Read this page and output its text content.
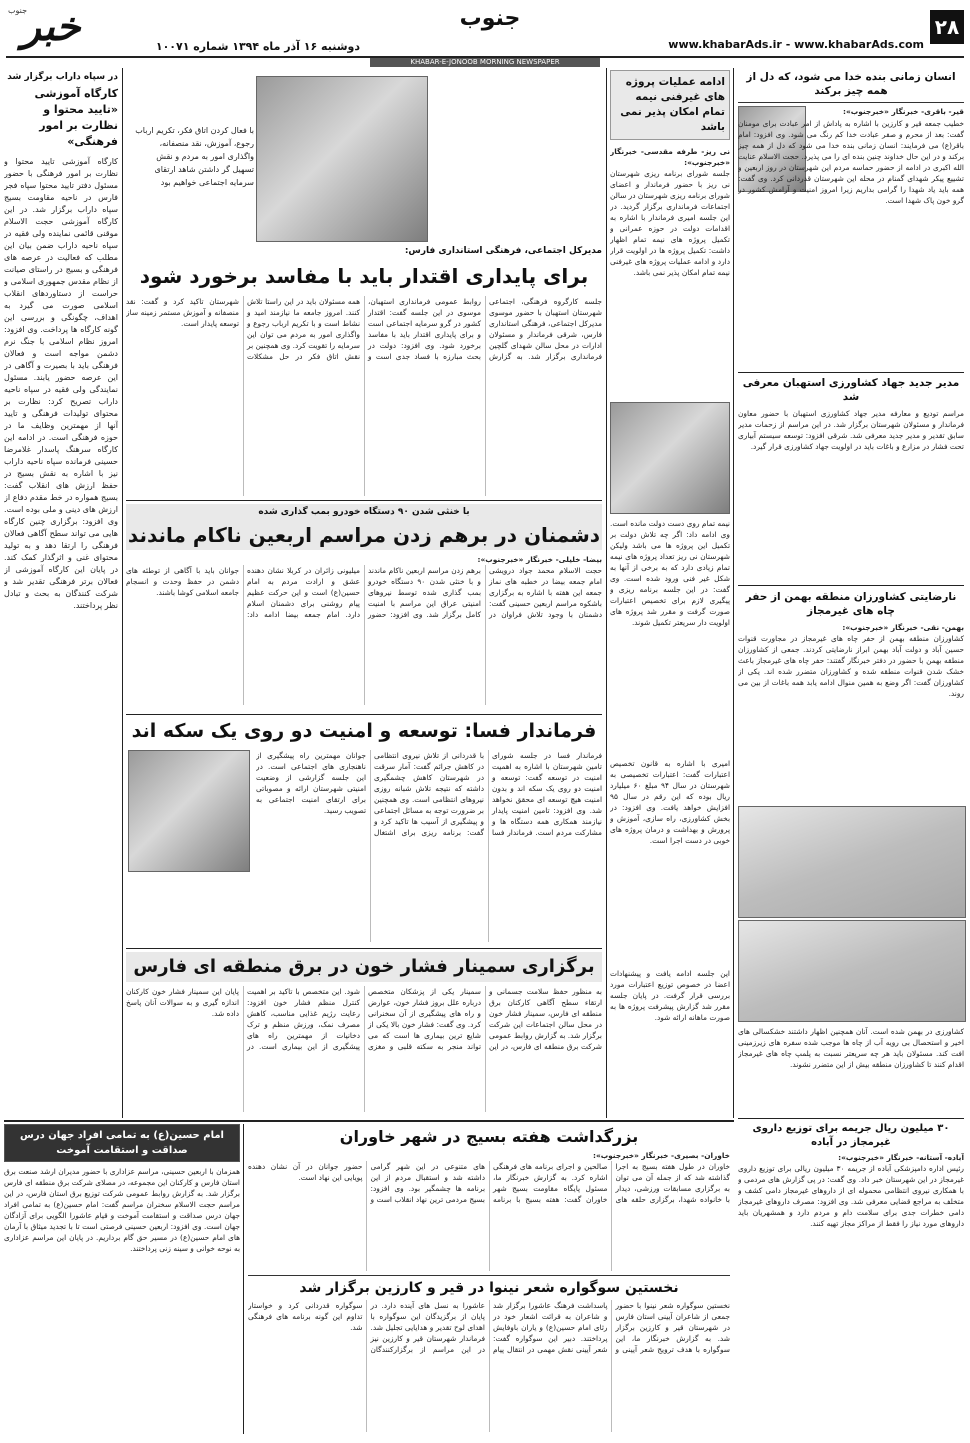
۲۸
www.khabarAds.ir - www.khabarAds.com
جنوب
دوشنبه ۱۶ آذر ماه ۱۳۹۴ شماره ۱۰۰۷۱
خبر
جنوب
KHABAR-E-JONOOB MORNING NEWSPAPER
انسان زمانی بنده خدا می شود، که دل از همه چیز برکند
قیر- باقری- خبرنگار «خبرجنوب»:
خطیب جمعه قیر و کارزین با اشاره به پاداش از امر عبادت برای مومنان گفت: بعد از محرم و صفر عبادت خدا کم رنگ می شود. وی افزود: امام باقر(ع) می فرمایند: انسان زمانی بنده خدا می شود که دل از همه چیز برکند و در این حال خداوند چنین بنده ای را می پذیرد. حجت الاسلام عنایت الله اکبری در ادامه از حضور حماسه مردم این شهرستان در روز اربعین و تشییع پیکر شهدای گمنام در محله این شهرستان قدردانی کرد. وی گفت: همه باید یاد شهدا را گرامی بداریم زیرا امروز امنیت و آرامش کشور در گرو خون پاک شهدا است.
مدیر جدید جهاد کشاورزی استهبان معرفی شد
مراسم تودیع و معارفه مدیر جهاد کشاورزی استهبان با حضور معاون فرماندار و مسئولان شهرستان برگزار شد. در این مراسم از زحمات مدیر سابق تقدیر و مدیر جدید معرفی شد. شرقی افزود: توسعه سیستم آبیاری تحت فشار در مزارع و باغات باید در اولویت جهاد کشاورزی قرار گیرد.
نارضایتی کشاورزان منطقه بهمن از حفر چاه های غیرمجاز
بهمن- نقی- خبرنگار «خبرجنوب»:
کشاورزان منطقه بهمن از حفر چاه های غیرمجاز در مجاورت قنوات حسین آباد و دولت آباد بهمن ابراز نارضایتی کردند. جمعی از کشاورزان منطقه بهمن با حضور در دفتر خبرنگار گفتند: حفر چاه های غیرمجاز باعث خشک شدن قنوات منطقه شده و کشاورزان متضرر شده اند. یکی از کشاورزان گفت: اگر وضع به همین منوال ادامه یابد همه باغات از بین می روند.
کشاورزی در بهمن شده است. آنان همچنین اظهار داشتند خشکسالی های اخیر و استحصال بی رویه آب از چاه ها موجب شده سفره های زیرزمینی افت کند. مسئولان باید هر چه سریعتر نسبت به پلمپ چاه های غیرمجاز اقدام کنند تا کشاورزان منطقه بیش از این متضرر نشوند.
۳۰ میلیون ریال جریمه برای توزیع داروی غیرمجاز در آباده
آباده- آستانه- خبرنگار «خبرجنوب»:
رئیس اداره دامپزشکی آباده از جریمه ۳۰ میلیون ریالی برای توزیع داروی غیرمجاز در این شهرستان خبر داد. وی گفت: در پی گزارش های مردمی و با همکاری نیروی انتظامی محموله ای از داروهای غیرمجاز دامی کشف و متخلف به مراجع قضایی معرفی شد. وی افزود: مصرف داروهای غیرمجاز دامی خطرات جدی برای سلامت دام و مردم دارد و همشهریان باید داروهای مورد نیاز را فقط از مراکز مجاز تهیه کنند.
ادامه عملیات پروژه های غیرفنی نیمه تمام امکان پذیر نمی باشد
نی ریز- طرفه مقدسی- خبرنگار «خبرجنوب»:
جلسه شورای برنامه ریزی شهرستان نی ریز با حضور فرماندار و اعضای شورای برنامه ریزی شهرستان در سالن اجتماعات فرمانداری برگزار گردید. در این جلسه امیری فرماندار با اشاره به اقدامات دولت در حوزه عمرانی و تکمیل پروژه های نیمه تمام اظهار داشت: تکمیل پروژه ها در اولویت قرار دارد و ادامه عملیات پروژه های غیرفنی نیمه تمام امکان پذیر نمی باشد.
نیمه تمام روی دست دولت مانده است. وی ادامه داد: اگر چه تلاش دولت بر تکمیل این پروژه ها می باشد ولیکن شهرستان نی ریز تعداد پروژه های نیمه تمام زیادی دارد که به برخی از آنها به شکل غیر فنی ورود شده است. وی گفت: در این جلسه برنامه ریزی و پیگیری لازم برای تخصیص اعتبارات صورت گرفت و مقرر شد پروژه های اولویت دار سریعتر تکمیل شوند.
امیری با اشاره به قانون تخصیص اعتبارات گفت: اعتبارات تخصیصی به شهرستان در سال ۹۴ مبلغ ۶۰ میلیارد ریال بوده که این رقم در سال ۹۵ افزایش خواهد یافت. وی افزود: در بخش کشاورزی، راه سازی، آموزش و پرورش و بهداشت و درمان پروژه های خوبی در دست اجرا است.
این جلسه ادامه یافت و پیشنهادات اعضا در خصوص توزیع اعتبارات مورد بررسی قرار گرفت. در پایان جلسه مقرر شد گزارش پیشرفت پروژه ها به صورت ماهانه ارائه شود.
با فعال کردن اتاق فکر، تکریم ارباب رجوع، آموزش، نقد منصفانه، واگذاری امور به مردم و نقش تسهیل گر داشتن شاهد ارتقای سرمایه اجتماعی خواهیم بود
مدیرکل اجتماعی، فرهنگی استانداری فارس:
برای پایداری اقتدار باید با مفاسد برخورد شود
جلسه کارگروه فرهنگی، اجتماعی شهرستان استهبان با حضور موسوی مدیرکل اجتماعی، فرهنگی استانداری فارس، شرقی فرماندار و مسئولان ادارات در محل سالن شهدای گلچین فرمانداری برگزار شد. به گزارش روابط عمومی فرمانداری استهبان، موسوی در این جلسه گفت: اقتدار کشور در گرو سرمایه اجتماعی است و برای پایداری اقتدار باید با مفاسد برخورد شود. وی افزود: دولت در بحث مبارزه با فساد جدی است و همه مسئولان باید در این راستا تلاش کنند. امروز جامعه ما نیازمند امید و نشاط است و با تکریم ارباب رجوع و واگذاری امور به مردم می توان این سرمایه را تقویت کرد. وی همچنین بر نقش اتاق فکر در حل مشکلات شهرستان تاکید کرد و گفت: نقد منصفانه و آموزش مستمر زمینه ساز توسعه پایدار است.
در سپاه داراب برگزار شد
کارگاه آموزشی «تایید محتوا و نظارت بر امور فرهنگی»
کارگاه آموزشی تایید محتوا و نظارت بر امور فرهنگی با حضور مسئول دفتر تایید محتوا سپاه فجر فارس در ناحیه مقاومت بسیج سپاه داراب برگزار شد. در این کارگاه آموزشی حجت الاسلام موقنی قائمی نماینده ولی فقیه در سپاه ناحیه داراب ضمن بیان این مطلب که فعالیت در عرصه های فرهنگی و بسیج در راستای صیانت از نظام مقدس جمهوری اسلامی و حراست از دستاوردهای انقلاب اسلامی صورت می گیرد به اهداف، چگونگی و بررسی این گونه کارگاه ها پرداخت. وی افزود: امروز نظام اسلامی با جنگ نرم دشمن مواجه است و فعالان فرهنگی باید با بصیرت و آگاهی در این عرصه حضور یابند. مسئول نمایندگی ولی فقیه در سپاه ناحیه داراب تصریح کرد: نظارت بر محتوای تولیدات فرهنگی و تایید آنها از مهمترین وظایف ما در حوزه فرهنگی است. در ادامه این کارگاه سرهنگ پاسدار غلامرضا حسینی فرمانده سپاه ناحیه داراب نیز با اشاره به نقش بسیج در حفظ ارزش های انقلاب گفت: بسیج همواره در خط مقدم دفاع از ارزش های دینی و ملی بوده است. وی افزود: برگزاری چنین کارگاه هایی می تواند سطح آگاهی فعالان فرهنگی را ارتقا دهد و به تولید محتوای غنی و اثرگذار کمک کند. در پایان این کارگاه آموزشی از فعالان برتر فرهنگی تقدیر شد و شرکت کنندگان به بحث و تبادل نظر پرداختند.
با خنثی شدن ۹۰ دستگاه خودرو بمب گذاری شده
دشمنان در برهم زدن مراسم اربعین ناکام ماندند
بیضا- خلیلی- خبرنگار «خبرجنوب»:
حجت الاسلام محمد جواد درویشی امام جمعه بیضا در خطبه های نماز جمعه این هفته با اشاره به برگزاری باشکوه مراسم اربعین حسینی گفت: دشمنان با وجود تلاش فراوان در برهم زدن مراسم اربعین ناکام ماندند و با خنثی شدن ۹۰ دستگاه خودرو بمب گذاری شده توسط نیروهای امنیتی عراق این مراسم با امنیت کامل برگزار شد. وی افزود: حضور میلیونی زائران در کربلا نشان دهنده عشق و ارادت مردم به امام حسین(ع) است و این حرکت عظیم پیام روشنی برای دشمنان اسلام دارد. امام جمعه بیضا ادامه داد: جوانان باید با آگاهی از توطئه های دشمن در حفظ وحدت و انسجام جامعه اسلامی کوشا باشند.
فرماندار فسا: توسعه و امنیت دو روی یک سکه اند
فرماندار فسا در جلسه شورای تامین شهرستان با اشاره به اهمیت امنیت در توسعه گفت: توسعه و امنیت دو روی یک سکه اند و بدون امنیت هیچ توسعه ای محقق نخواهد شد. وی افزود: تامین امنیت پایدار نیازمند همکاری همه دستگاه ها و مشارکت مردم است. فرماندار فسا با قدردانی از تلاش نیروی انتظامی در کاهش جرائم گفت: آمار سرقت در شهرستان کاهش چشمگیری داشته که نتیجه تلاش شبانه روزی نیروهای انتظامی است. وی همچنین بر ضرورت توجه به مسائل اجتماعی و پیشگیری از آسیب ها تاکید کرد و گفت: برنامه ریزی برای اشتغال جوانان مهمترین راه پیشگیری از ناهنجاری های اجتماعی است. در این جلسه گزارشی از وضعیت امنیتی شهرستان ارائه و مصوباتی برای ارتقای امنیت اجتماعی به تصویب رسید.
برگزاری سمینار فشار خون در برق منطقه ای فارس
به منظور حفظ سلامت جسمانی و ارتقاء سطح آگاهی کارکنان برق منطقه ای فارس، سمینار فشار خون در محل سالن اجتماعات این شرکت برگزار شد. به گزارش روابط عمومی شرکت برق منطقه ای فارس، در این سمینار یکی از پزشکان متخصص درباره علل بروز فشار خون، عوارض و راه های پیشگیری از آن سخنرانی کرد. وی گفت: فشار خون بالا یکی از شایع ترین بیماری ها است که می تواند منجر به سکته قلبی و مغزی شود. این متخصص با تاکید بر اهمیت کنترل منظم فشار خون افزود: رعایت رژیم غذایی مناسب، کاهش مصرف نمک، ورزش منظم و ترک دخانیات از مهمترین راه های پیشگیری از این بیماری است. در پایان این سمینار فشار خون کارکنان اندازه گیری و به سوالات آنان پاسخ داده شد.
امام حسین(ع) به تمامی افراد جهان درس صداقت و استقامت آموخت
همزمان با اربعین حسینی، مراسم عزاداری با حضور مدیران ارشد صنعت برق استان فارس و کارکنان این مجموعه، در مصلای شرکت برق منطقه ای فارس برگزار شد. به گزارش روابط عمومی شرکت توزیع برق استان فارس، در این مراسم حجت الاسلام سخنران مراسم گفت: امام حسین(ع) به تمامی افراد جهان درس صداقت و استقامت آموخت و قیام عاشورا الگویی برای آزادگان جهان است. وی افزود: اربعین حسینی فرصتی است تا با تجدید میثاق با آرمان های امام حسین(ع) در مسیر حق گام برداریم. در پایان این مراسم عزاداری به نوحه خوانی و سینه زنی پرداختند.
بزرگداشت هفته بسیج در شهر خاوران
خاوران- بصیری- خبرنگار «خبرجنوب»:
خاوران در طول هفته بسیج به اجرا گذاشته شد که از جمله آن می توان به برگزاری مسابقات ورزشی، دیدار با خانواده شهدا، برگزاری حلقه های صالحین و اجرای برنامه های فرهنگی اشاره کرد. به گزارش خبرنگار ما، مسئول پایگاه مقاومت بسیج شهر خاوران گفت: هفته بسیج با برنامه های متنوعی در این شهر گرامی داشته شد و استقبال مردم از این برنامه ها چشمگیر بود. وی افزود: بسیج مردمی ترین نهاد انقلاب است و حضور جوانان در آن نشان دهنده پویایی این نهاد است.
نخستین سوگواره شعر نینوا در قیر و کارزین برگزار شد
نخستین سوگواره شعر نینوا با حضور جمعی از شاعران آیینی استان فارس در شهرستان قیر و کارزین برگزار شد. به گزارش خبرنگار ما، این سوگواره با هدف ترویج شعر آیینی و پاسداشت فرهنگ عاشورا برگزار شد و شاعران به قرائت اشعار خود در رثای امام حسین(ع) و یاران باوفایش پرداختند. دبیر این سوگواره گفت: شعر آیینی نقش مهمی در انتقال پیام عاشورا به نسل های آینده دارد. در پایان از برگزیدگان این سوگواره با اهدای لوح تقدیر و هدایایی تجلیل شد. فرماندار شهرستان قیر و کارزین نیز در این مراسم از برگزارکنندگان سوگواره قدردانی کرد و خواستار تداوم این گونه برنامه های فرهنگی شد.
